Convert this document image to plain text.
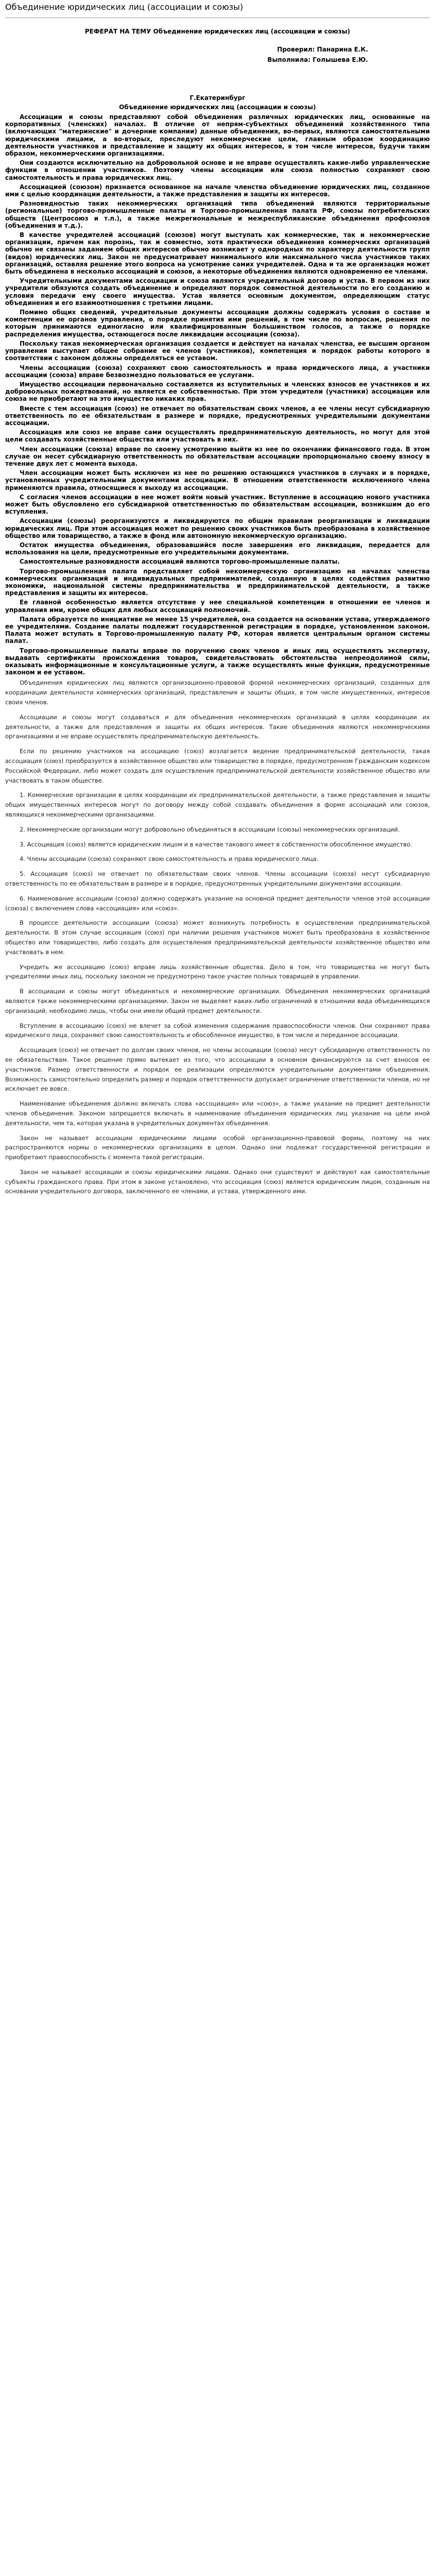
Объединение юридических лиц (ассоциации и союзы)
РЕФЕРАТ НА ТЕМУ Объединение юридических лиц (ассоциации и союзы)
Проверил: Панарина Е.К.
Выполнила: Голышева Е.Ю.
Г.Екатеринбург
Объединение юридических лиц (ассоциации и союзы)

Ассоциации и союзы представляют собой объединения различных юридических лиц, основанные на корпоративных (членских) началах. В отличие от непрям-субъектных объединений хозяйственного типа (включающих "материнские" и дочерние компании) данные объединения, во-первых, являются самостоятельными юридическими лицами, а во-вторых, преследуют некоммерческие цели, главным образом координацию деятельности участников и представление и защиту их общих интересов, в том числе интересов, будучи таким образом, некоммерческими организациями.

Они создаются исключительно на добровольной основе и не вправе осуществлять какие-либо управленческие функции в отношении участников. Поэтому члены ассоциации или союза полностью сохраняют свою самостоятельность и права юридических лиц.

Ассоциацией (союзом) признается основанное на начале членства объединение юридических лиц, созданное ими с целью координации деятельности, а также представления и защиты их интересов.

Разновидностью таких некоммерческих организаций типа объединений являются территориальные (региональные) торгово-промышленные палаты и Торгово-промышленная палата РФ, союзы потребительских обществ (Центросоюз и т.п.), а также межрегиональные и межреспубликанские объединения профсоюзов (объединения и т.д.).

В качестве учредителей ассоциаций (союзов) могут выступать как коммерческие, так и некоммерческие организации, причем как порознь, так и совместно, хотя практически объединения коммерческих организаций обычно не связаны заданием общих интересов обычно возникает у однородных по характеру деятельности групп (видов) юридических лиц. Закон не предусматривает минимального или максимального числа участников таких организаций, оставляя решение этого вопроса на усмотрение самих учредителей. Одна и та же организация может быть объединена в несколько ассоциаций и союзов, а некоторые объединения являются одновременно ее членами.

Учредительными документами ассоциации и союза являются учредительный договор и устав. В первом из них учредители обязуются создать объединение и определяют порядок совместной деятельности по его созданию и условия передачи ему своего имущества. Устав является основным документом, определяющим статус объединения и его взаимоотношения с третьими лицами.

Помимо общих сведений, учредительные документы ассоциации должны содержать условия о составе и компетенции ее органов управления, о порядке принятия ими решений, в том числе по вопросам, решения по которым принимаются единогласно или квалифицированным большинством голосов, а также о порядке распределения имущества, остающегося после ликвидации ассоциации (союза).

Поскольку такая некоммерческая организация создается и действует на началах членства, ее высшим органом управления выступает общее собрание ее членов (участников), компетенция и порядок работы которого в соответствии с законом должны определяться ее уставом.

Члены ассоциации (союза) сохраняют свою самостоятельность и права юридического лица, а участники ассоциации (союза) вправе безвозмездно пользоваться ее услугами.

Имущество ассоциации первоначально составляется из вступительных и членских взносов ее участников и их добровольных пожертвований, но является ее собственностью. При этом учредители (участники) ассоциации или союза не приобретают на это имущество никаких прав.

Вместе с тем ассоциация (союз) не отвечает по обязательствам своих членов, а ее члены несут субсидиарную ответственность по ее обязательствам в размере и порядке, предусмотренных учредительными документами ассоциации.

Ассоциация или союз не вправе сами осуществлять предпринимательскую деятельность, но могут для этой цели создавать хозяйственные общества или участвовать в них.

Член ассоциации (союза) вправе по своему усмотрению выйти из нее по окончании финансового года. В этом случае он несет субсидиарную ответственность по обязательствам ассоциации пропорционально своему взносу в течение двух лет с момента выхода.

Член ассоциации может быть исключен из нее по решению остающихся участников в случаях и в порядке, установленных учредительными документами ассоциации. В отношении ответственности исключенного члена применяются правила, относящиеся к выходу из ассоциации.

С согласия членов ассоциации в нее может войти новый участник. Вступление в ассоциацию нового участника может быть обусловлено его субсидиарной ответственностью по обязательствам ассоциации, возникшим до его вступления.

Ассоциации (союзы) реорганизуются и ликвидируются по общим правилам реорганизации и ликвидации юридических лиц. При этом ассоциация может по решению своих участников быть преобразована в хозяйственное общество или товарищество, а также в фонд или автономную некоммерческую организацию.

Остаток имущества объединения, образовавшийся после завершения его ликвидации, передается для использования на цели, предусмотренные его учредительными документами.

Самостоятельные разновидности ассоциаций являются торгово-промышленные палаты.

Торгово-промышленная палата представляет собой некоммерческую организацию на началах членства коммерческих организаций и индивидуальных предпринимателей, созданную в целях содействия развитию экономики, национальной системы предпринимательства и предпринимательской деятельности, а также представления и защиты их интересов.

Ее главной особенностью является отсутствие у нее специальной компетенции в отношении ее членов и управления ими, кроме общих для любых ассоциаций полномочий.

Палата образуется по инициативе не менее 15 учредителей, она создается на основании устава, утверждаемого ее учредителями. Создание палаты подлежит государственной регистрации в порядке, установленном законом. Палата может вступать в Торгово-промышленную палату РФ, которая является центральным органом системы палат.

Торгово-промышленные палаты вправе по поручению своих членов и иных лиц осуществлять экспертизу, выдавать сертификаты происхождения товаров, свидетельствовать обстоятельства непреодолимой силы, оказывать информационные и консультационные услуги, а также осуществлять иные функции, предусмотренные законом и ее уставом.

Объединения юридических лиц являются организационно-правовой формой некоммерческих организаций, созданных для координации деятельности коммерческих организаций, представления и защиты общих, в том числе имущественных, интересов своих членов.

Ассоциации и союзы могут создаваться и для объединения некоммерческих организаций в целях координации их деятельности, а также для представления и защиты их общих интересов. Такие объединения являются некоммерческими организациями и не вправе осуществлять предпринимательскую деятельность.

Если по решению участников на ассоциацию (союз) возлагается ведение предпринимательской деятельности, такая ассоциация (союз) преобразуется в хозяйственное общество или товарищество в порядке, предусмотренном Гражданским кодексом Российской Федерации, либо может создать для осуществления предпринимательской деятельности хозяйственное общество или участвовать в таком обществе.

1. Коммерческие организации в целях координации их предпринимательской деятельности, а также представления и защиты общих имущественных интересов могут по договору между собой создавать объединения в форме ассоциаций или союзов, являющихся некоммерческими организациями.

2. Некоммерческие организации могут добровольно объединяться в ассоциации (союзы) некоммерческих организаций.

3. Ассоциация (союз) является юридическим лицом и в качестве такового имеет в собственности обособленное имущество.

4. Члены ассоциации (союза) сохраняют свою самостоятельность и права юридического лица.

5. Ассоциация (союз) не отвечает по обязательствам своих членов. Члены ассоциации (союза) несут субсидиарную ответственность по ее обязательствам в размере и в порядке, предусмотренных учредительными документами ассоциации.

6. Наименование ассоциации (союза) должно содержать указание на основной предмет деятельности членов этой ассоциации (союза) с включением слова «ассоциация» или «союз».

В процессе деятельности ассоциации (союза) может возникнуть потребность в осуществлении предпринимательской деятельности. В этом случае ассоциация (союз) при наличии решения участников может быть преобразована в хозяйственное общество или товарищество, либо создать для осуществления предпринимательской деятельности хозяйственное общество или участвовать в нем.

Учредить же ассоциацию (союз) вправе лишь хозяйственные общества. Дело в том, что товарищества не могут быть учредителями иных лиц, поскольку законом не предусмотрено такое участие полных товарищей в управлении.

В ассоциации и союзы могут объединяться и некоммерческие организации. Объединения некоммерческих организаций являются также некоммерческими организациями. Закон не выделяет каких-либо ограничений в отношении вида объединяющихся организаций, необходимо лишь, чтобы они имели общий предмет деятельности.

Вступление в ассоциацию (союз) не влечет за собой изменения содержания правоспособности членов. Они сохраняют права юридического лица, сохраняют свою самостоятельность и обособленное имущество, в том числе и переданное ассоциации.

Ассоциация (союз) не отвечает по долгам своих членов, но члены ассоциации (союза) несут субсидиарную ответственность по ее обязательствам. Такое решение прямо вытекает из того, что ассоциации в основном финансируются за счет взносов ее участников. Размер ответственности и порядок ее реализации определяются учредительными документами объединения. Возможность самостоятельно определить размер и порядок ответственности допускает ограничение ответственности членов, но не исключает ее вовсе.

Наименование объединения должно включать слова «ассоциация» или «союз», а также указание на предмет деятельности членов объединения. Законом запрещается включать в наименование объединения юридических лиц указание на цели иной деятельности, чем та, которая указана в учредительных документах объединения.

Закон не называет ассоциации юридическими лицами особой организационно-правовой формы, поэтому на них распространяются нормы о некоммерческих организациях в целом. Однако они подлежат государственной регистрации и приобретают правоспособность с момента такой регистрации.

Закон не называет ассоциации и союзы юридическими лицами. Однако они существуют и действуют как самостоятельные субъекты гражданского права. При этом в законе установлено, что ассоциация (союз) является юридическим лицом, созданным на основании учредительного договора, заключенного ее членами, и устава, утвержденного ими.
